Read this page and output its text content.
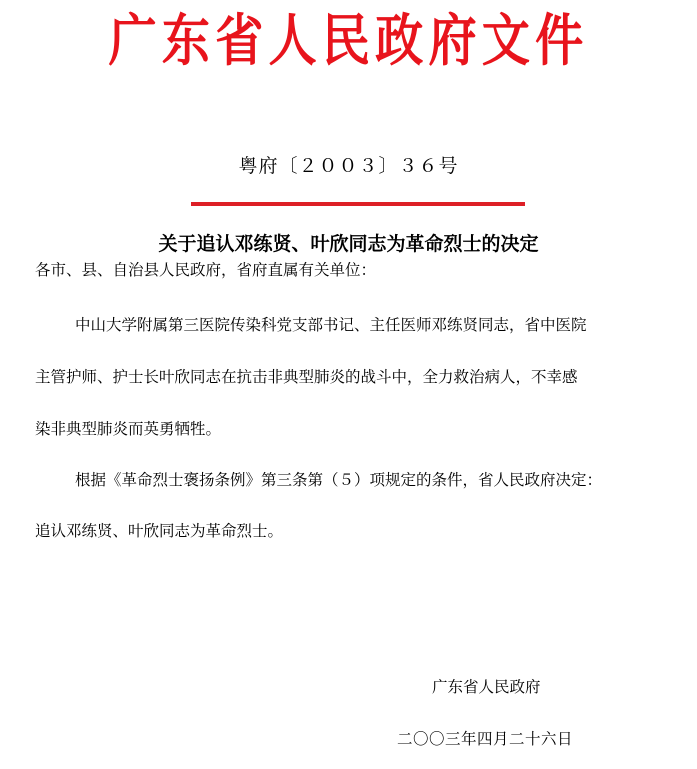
广东省人民政府文件
粤府〔２００３〕３６号
关于追认邓练贤、叶欣同志为革命烈士的决定
各市、县、自治县人民政府，省府直属有关单位：
中山大学附属第三医院传染科党支部书记、主任医师邓练贤同志，省中医院
主管护师、护士长叶欣同志在抗击非典型肺炎的战斗中，全力救治病人，不幸感
染非典型肺炎而英勇牺牲。
根据《革命烈士褒扬条例》第三条第（５）项规定的条件，省人民政府决定：
追认邓练贤、叶欣同志为革命烈士。
广东省人民政府
二〇〇三年四月二十六日
